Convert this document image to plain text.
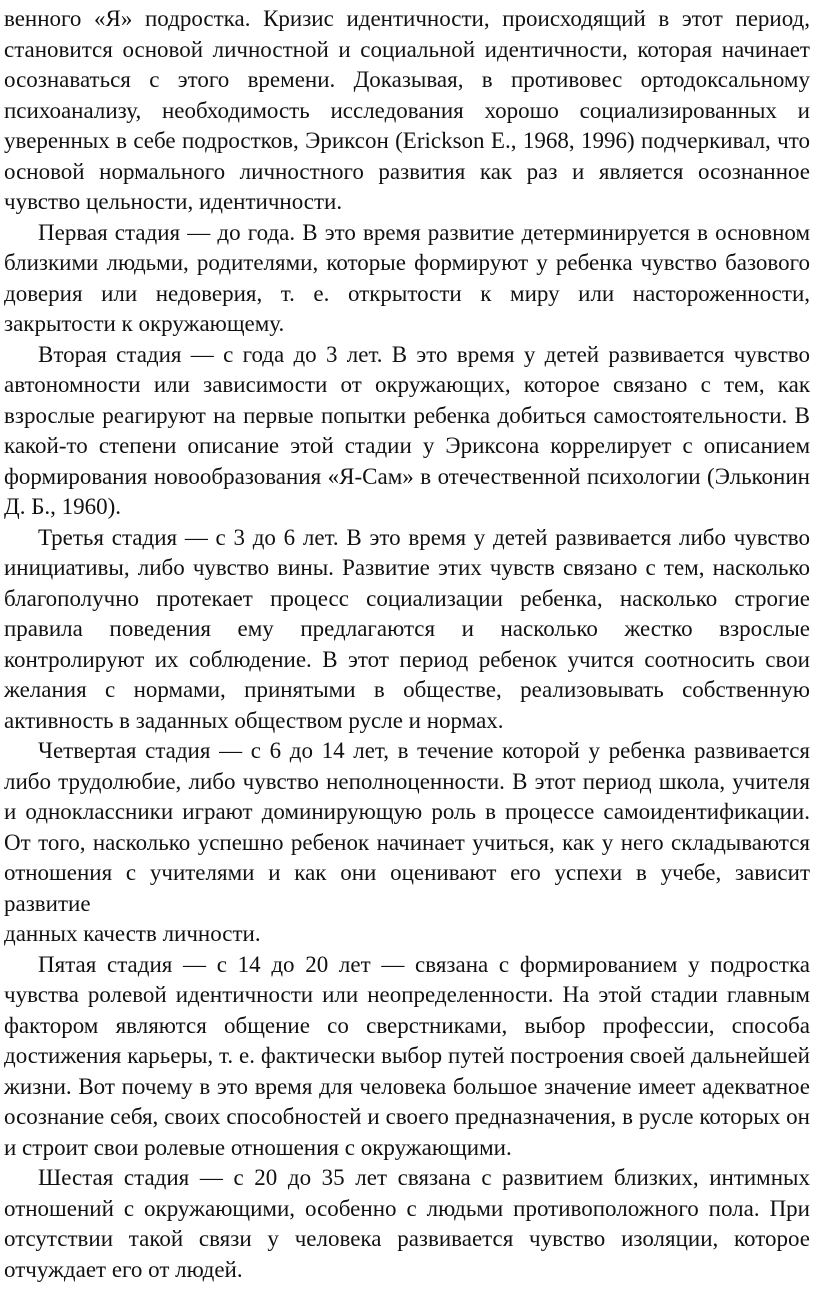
венного «Я» подростка. Кризис идентичности, происходящий в этот период, становится основой личностной и социальной идентичности, которая начинает осознаваться с этого времени. Доказывая, в противовес ортодоксальному психоанализу, необходимость исследования хорошо социализированных и уверенных в себе подростков, Эриксон (Erickson E., 1968, 1996) подчеркивал, что основой нормального личностного развития как раз и является осознанное чувство цельности, идентичности.

Первая стадия — до года. В это время развитие детерминируется в основном близкими людьми, родителями, которые формируют у ребенка чувство базового доверия или недоверия, т. е. открытости к миру или настороженности, закрытости к окружающему.

Вторая стадия — с года до 3 лет. В это время у детей развивается чувство автономности или зависимости от окружающих, которое связано с тем, как взрослые реагируют на первые попытки ребенка добиться самостоятельности. В какой-то степени описание этой стадии у Эриксона коррелирует с описанием формирования новообразования «Я-Сам» в отечественной психологии (Эльконин Д. Б., 1960).

Третья стадия — с 3 до 6 лет. В это время у детей развивается либо чувство инициативы, либо чувство вины. Развитие этих чувств связано с тем, насколько благополучно протекает процесс социализации ребенка, насколько строгие правила поведения ему предлагаются и насколько жестко взрослые контролируют их соблюдение. В этот период ребенок учится соотносить свои желания с нормами, принятыми в обществе, реализовывать собственную активность в заданных обществом русле и нормах.

Четвертая стадия — с 6 до 14 лет, в течение которой у ребенка развивается либо трудолюбие, либо чувство неполноценности. В этот период школа, учителя и одноклассники играют доминирующую роль в процессе самоидентификации. От того, насколько успешно ребенок начинает учиться, как у него складываются отношения с учителями и как они оценивают его успехи в учебе, зависит развитие

данных качеств личности.

Пятая стадия — с 14 до 20 лет — связана с формированием у подростка чувства ролевой идентичности или неопределенности. На этой стадии главным фактором являются общение со сверстниками, выбор профессии, способа достижения карьеры, т. е. фактически выбор путей построения своей дальнейшей жизни. Вот почему в это время для человека большое значение имеет адекватное осознание себя, своих способностей и своего предназначения, в русле которых он и строит свои ролевые отношения с окружающими.

Шестая стадия — с 20 до 35 лет связана с развитием близких, интимных отношений с окружающими, особенно с людьми противоположного пола. При отсутствии такой связи у человека развивается чувство изоляции, которое отчуждает его от людей.
